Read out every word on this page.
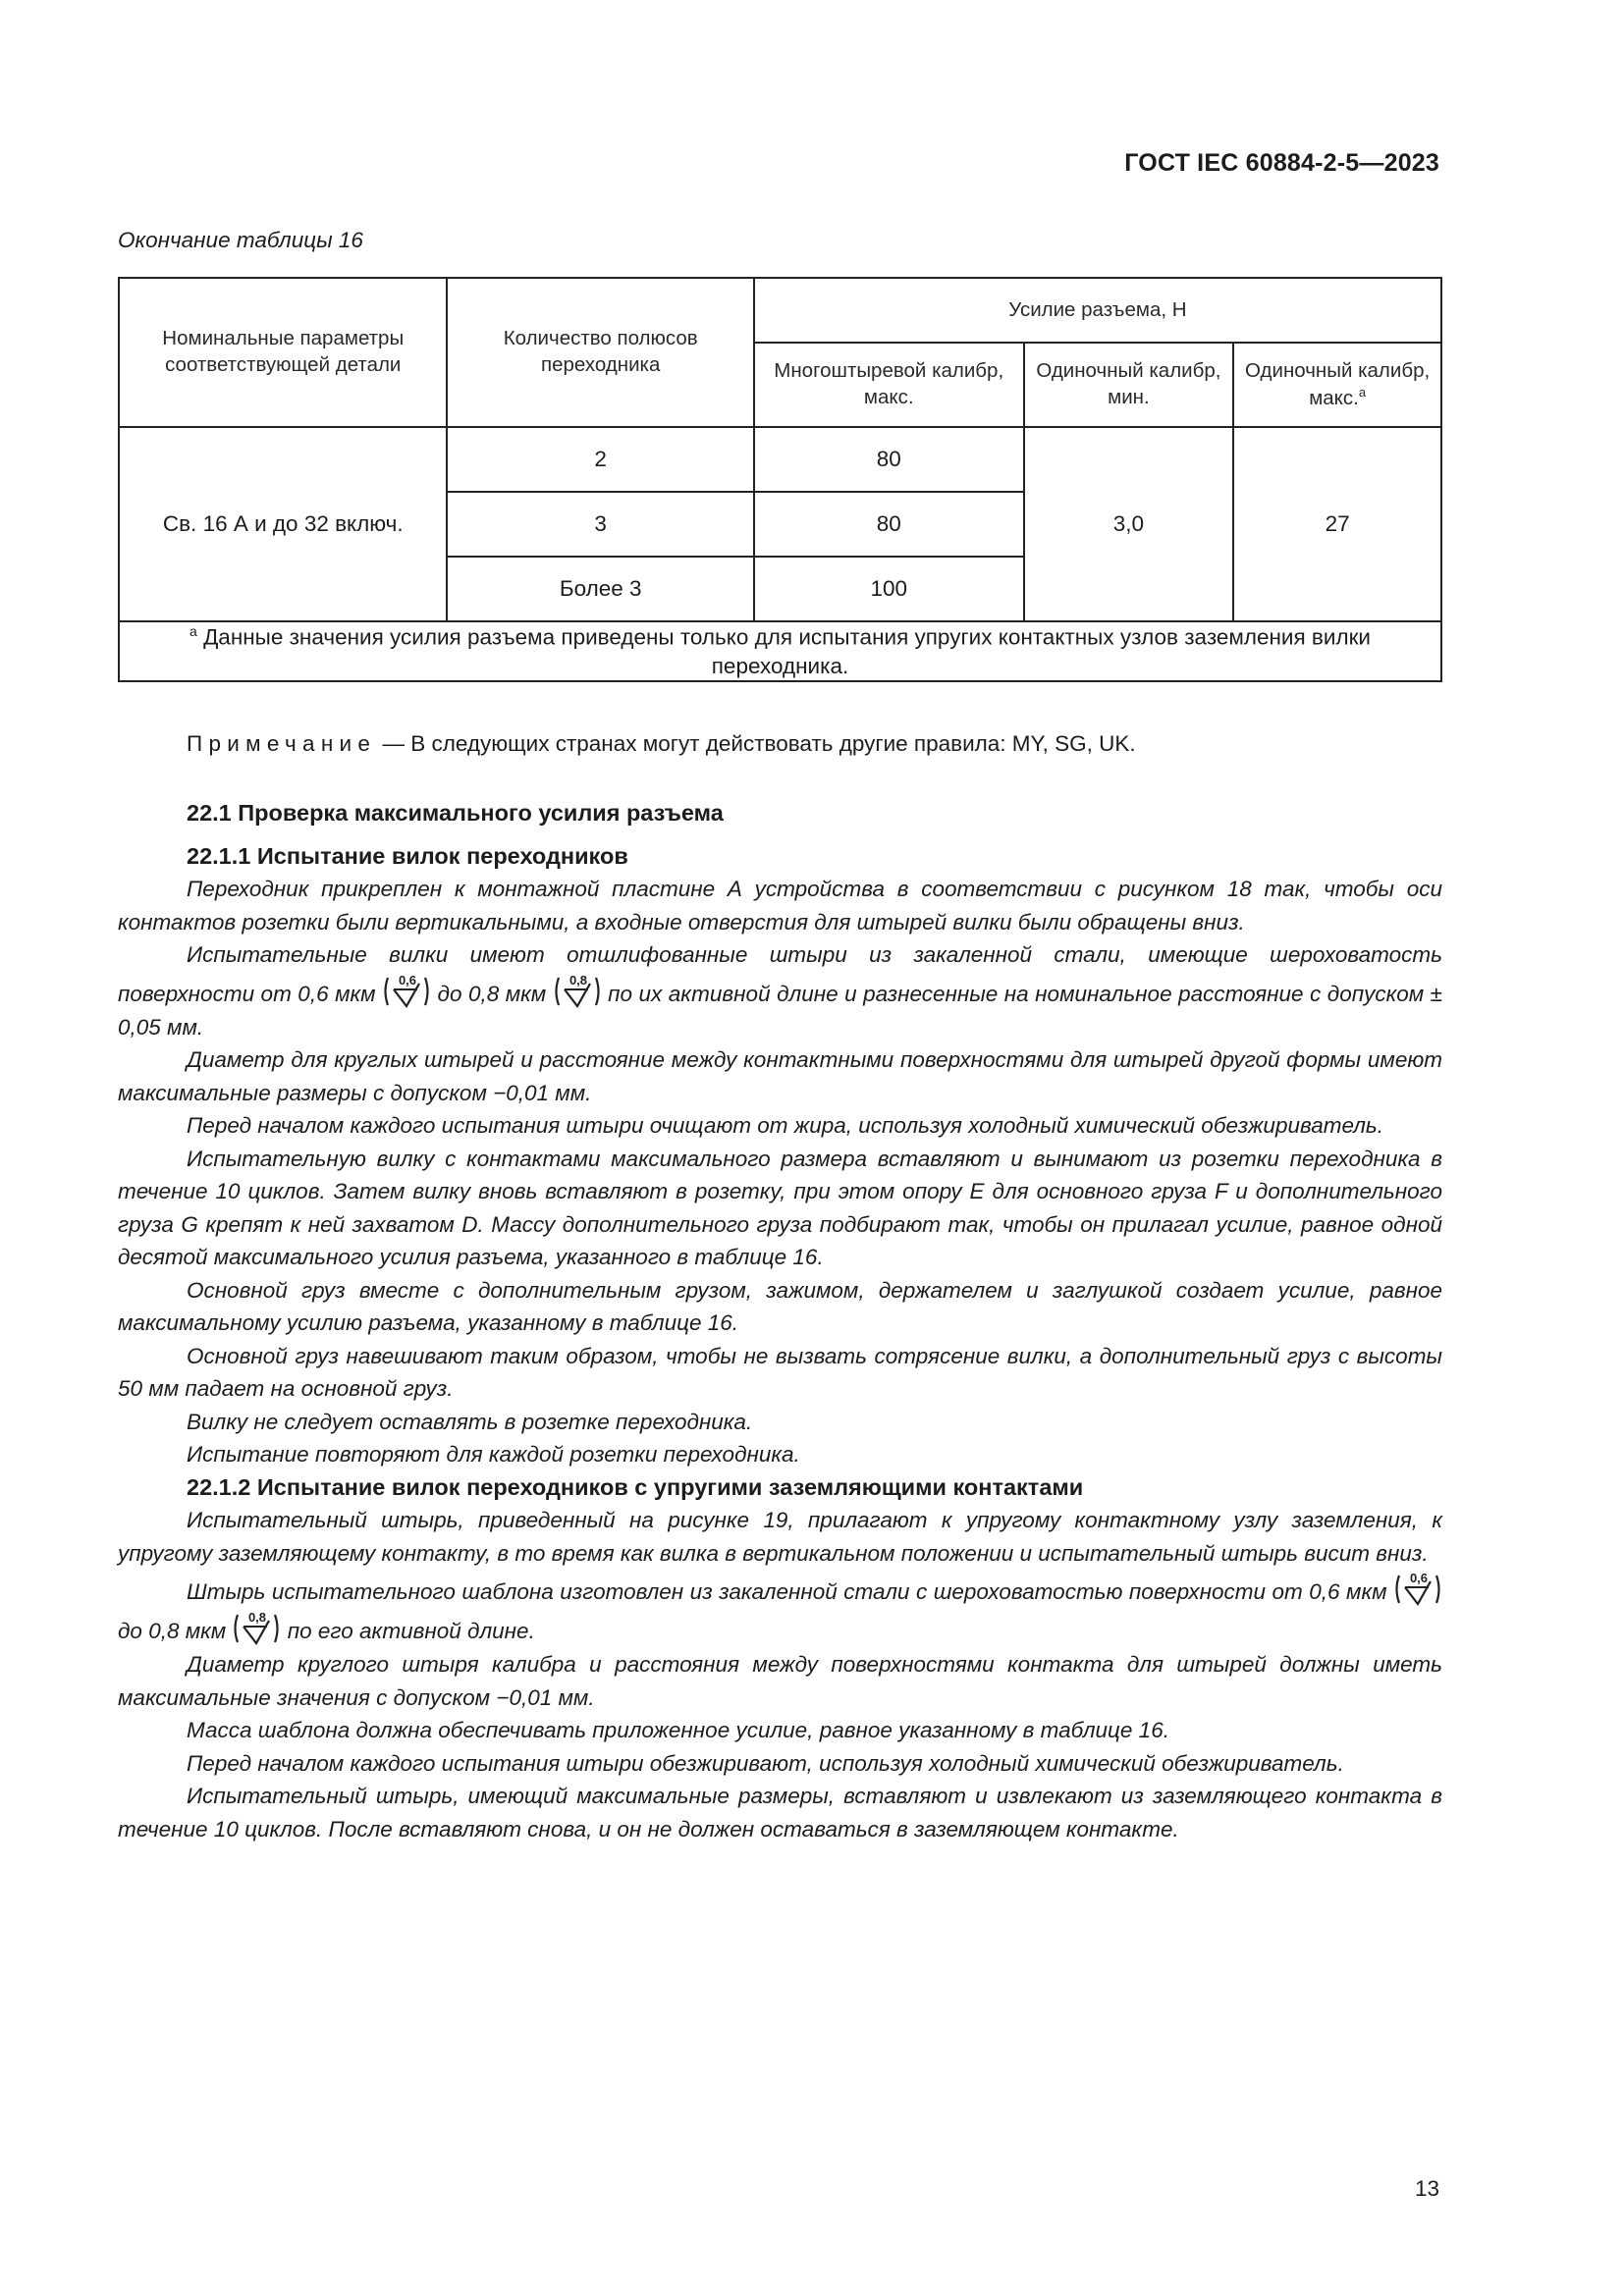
ГОСТ IEC 60884-2-5—2023
Окончание таблицы 16
Номинальные параметры соответствующей детали	Количество полюсов переходника	Усилие разъема, Н		
		Многоштыревой калибр, макс.	Одиночный калибр, мин.	Одиночный калибр, макс.$^a$
Св. 16 А и до 32 включ.	2	80	3,0	27
	3	80		
	Более 3	100		
$^a$ Данные значения усилия разъема приведены только для испытания упругих контактных узлов заземления вилки переходника.				
Примечание — В следующих странах могут действовать другие правила: MY, SG, UK.
22.1 Проверка максимального усилия разъема
22.1.1 Испытание вилок переходников

Переходник прикреплен к монтажной пластине А устройства в соответствии с рисунком 18 так, чтобы оси контактов розетки были вертикальными, а входные отверстия для штырей вилки были обращены вниз.

Испытательные вилки имеют отшлифованные штыри из закаленной стали, имеющие шероховатость поверхности от 0,6 мкм
0,6
до 0,8 мкм
0,8
по их активной длине и разнесенные на номинальное расстояние с допуском ± 0,05 мм.

Диаметр для круглых штырей и расстояние между контактными поверхностями для штырей другой формы имеют максимальные размеры с допуском −0,01 мм.

Перед началом каждого испытания штыри очищают от жира, используя холодный химический обезжириватель.

Испытательную вилку с контактами максимального размера вставляют и вынимают из розетки переходника в течение 10 циклов. Затем вилку вновь вставляют в розетку, при этом опору E для основного груза F и дополнительного груза G крепят к ней захватом D. Массу дополнительного груза подбирают так, чтобы он прилагал усилие, равное одной десятой максимального усилия разъема, указанного в таблице 16.

Основной груз вместе с дополнительным грузом, зажимом, держателем и заглушкой создает усилие, равное максимальному усилию разъема, указанному в таблице 16.

Основной груз навешивают таким образом, чтобы не вызвать сотрясение вилки, а дополнительный груз с высоты 50 мм падает на основной груз.

Вилку не следует оставлять в розетке переходника.

Испытание повторяют для каждой розетки переходника.

22.1.2 Испытание вилок переходников с упругими заземляющими контактами

Испытательный штырь, приведенный на рисунке 19, прилагают к упругому контактному узлу заземления, к упругому заземляющему контакту, в то время как вилка в вертикальном положении и испытательный штырь висит вниз.

Штырь испытательного шаблона изготовлен из закаленной стали с шероховатостью поверхности от 0,6 мкм
0,6
до 0,8 мкм
0,8
по его активной длине.

Диаметр круглого штыря калибра и расстояния между поверхностями контакта для штырей должны иметь максимальные значения с допуском −0,01 мм.

Масса шаблона должна обеспечивать приложенное усилие, равное указанному в таблице 16.

Перед началом каждого испытания штыри обезжиривают, используя холодный химический обезжириватель.

Испытательный штырь, имеющий максимальные размеры, вставляют и извлекают из заземляющего контакта в течение 10 циклов. После вставляют снова, и он не должен оставаться в заземляющем контакте.

13
